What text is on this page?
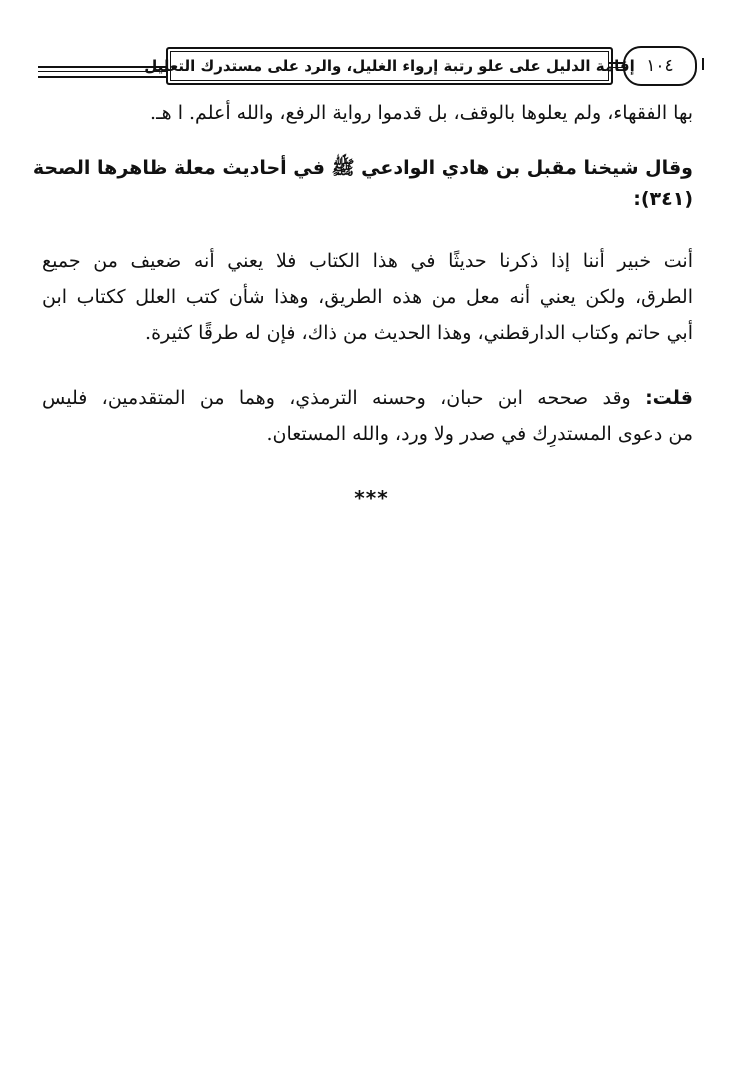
إقامة الدليل على علو رتبة إرواء الغليل، والرد على مستدرك التعليل ١٠٤
بها الفقهاء، ولم يعلوها بالوقف، بل قدموا رواية الرفع، والله أعلم. ا هـ.
وقال شيخنا مقبل بن هادي الوادعي ﷺ في أحاديث معلة ظاهرها الصحة
(٣٤١):
أنت خبير أننا إذا ذكرنا حديثًا في هذا الكتاب فلا يعني أنه ضعيف من جميع
الطرق، ولكن يعني أنه معل من هذه الطريق، وهذا شأن كتب العلل ككتاب ابن
أبي حاتم وكتاب الدارقطني، وهذا الحديث من ذاك، فإن له طرقًا كثيرة.
قلت: وقد صححه ابن حبان، وحسنه الترمذي، وهما من المتقدمين، فليس
من دعوى المستدرِك في صدر ولا ورد، والله المستعان.
***
